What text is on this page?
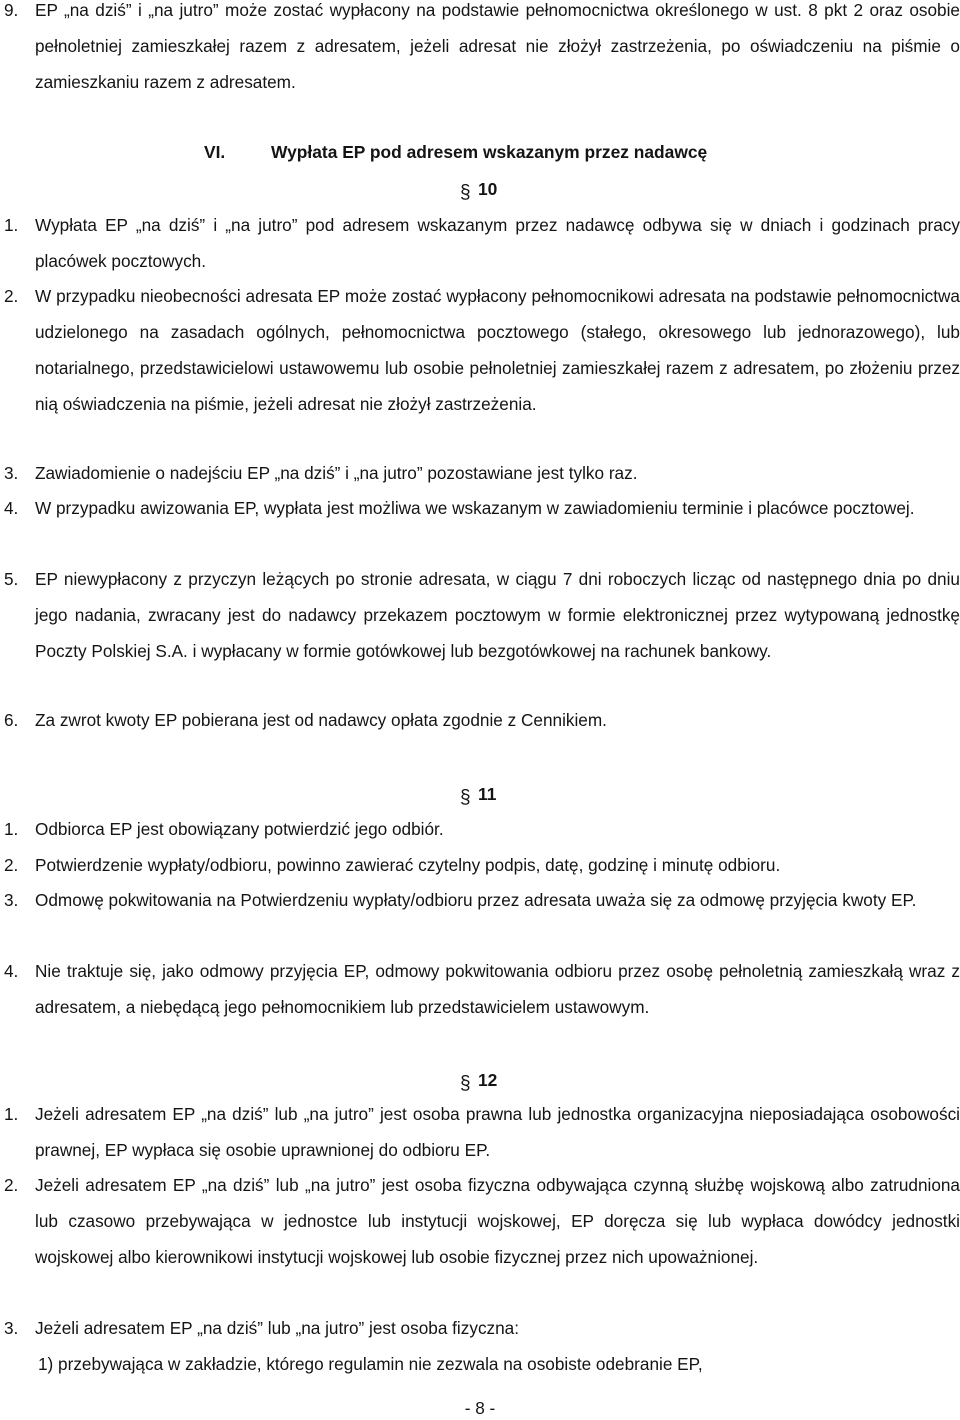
9. EP „na dziś” i „na jutro” może zostać wypłacony na podstawie pełnomocnictwa określonego w ust. 8 pkt 2 oraz osobie pełnoletniej zamieszkałej razem z adresatem, jeżeli adresat nie złożył zastrzeżenia, po oświadczeniu na piśmie o zamieszkaniu razem z adresatem.
VI.	Wypłata EP pod adresem wskazanym przez nadawcę
§ 10
1. Wypłata EP „na dziś” i „na jutro” pod adresem wskazanym przez nadawcę odbywa się w dniach i godzinach pracy placówek pocztowych.
2. W przypadku nieobecności adresata EP może zostać wypłacony pełnomocnikowi adresata na podstawie pełnomocnictwa udzielonego na zasadach ogólnych, pełnomocnictwa pocztowego (stałego, okresowego lub jednorazowego), lub notarialnego, przedstawicielowi ustawowemu lub osobie pełnoletniej zamieszkałej razem z adresatem, po złożeniu przez nią oświadczenia na piśmie, jeżeli adresat nie złożył zastrzeżenia.
3. Zawiadomienie o nadejściu EP „na dziś” i „na jutro” pozostawiane jest tylko raz.
4. W przypadku awizowania EP, wypłata jest możliwa we wskazanym w zawiadomieniu terminie i placówce pocztowej.
5. EP niewypłacony z przyczyn leżących po stronie adresata, w ciągu 7 dni roboczych licząc od następnego dnia po dniu jego nadania, zwracany jest do nadawcy przekazem pocztowym w formie elektronicznej przez wytypowaną jednostkę Poczty Polskiej S.A. i wypłacany w formie gotówkowej lub bezgotówkowej na rachunek bankowy.
6. Za zwrot kwoty EP pobierana jest od nadawcy opłata zgodnie z Cennikiem.
§ 11
1. Odbiorca EP jest obowiązany potwierdzić jego odbiór.
2. Potwierdzenie wypłaty/odbioru, powinno zawierać czytelny podpis, datę, godzinę i minutę odbioru.
3. Odmowę pokwitowania na Potwierdzeniu wypłaty/odbioru przez adresata uważa się za odmowę przyjęcia kwoty EP.
4. Nie traktuje się, jako odmowy przyjęcia EP, odmowy pokwitowania odbioru przez osobę pełnoletnią zamieszkałą wraz z adresatem, a niebędącą jego pełnomocnikiem lub przedstawicielem ustawowym.
§ 12
1. Jeżeli adresatem EP „na dziś” lub „na jutro” jest osoba prawna lub jednostka organizacyjna nieposiadająca osobowości prawnej, EP wypłaca się osobie uprawnionej do odbioru EP.
2. Jeżeli adresatem EP „na dziś” lub „na jutro” jest osoba fizyczna odbywająca czynną służbę wojskową albo zatrudniona lub czasowo przebywająca w jednostce lub instytucji wojskowej, EP doręcza się lub wypłaca dowódcy jednostki wojskowej albo kierownikowi instytucji wojskowej lub osobie fizycznej przez nich upoważnionej.
3. Jeżeli adresatem EP „na dziś” lub „na jutro” jest osoba fizyczna:
1) przebywająca w zakładzie, którego regulamin nie zezwala na osobiste odebranie EP,
- 8 -
